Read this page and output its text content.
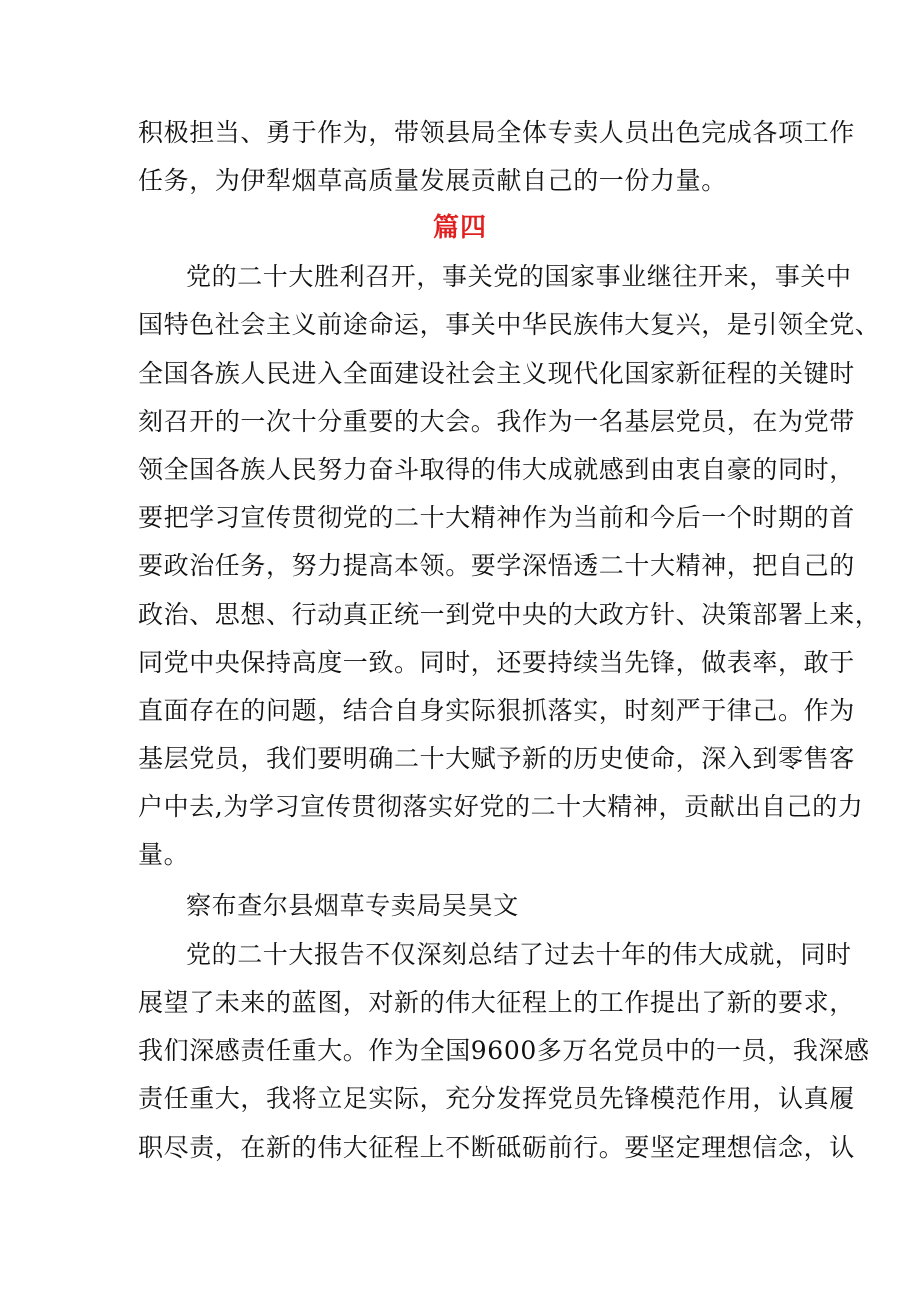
积极担当、勇于作为，带领县局全体专卖人员出色完成各项工作
任务，为伊犁烟草高质量发展贡献自己的一份力量。
篇四
党的二十大胜利召开，事关党的国家事业继往开来，事关中
国特色社会主义前途命运，事关中华民族伟大复兴，是引领全党、
全国各族人民进入全面建设社会主义现代化国家新征程的关键时
刻召开的一次十分重要的大会。我作为一名基层党员，在为党带
领全国各族人民努力奋斗取得的伟大成就感到由衷自豪的同时，
要把学习宣传贯彻党的二十大精神作为当前和今后一个时期的首
要政治任务，努力提高本领。要学深悟透二十大精神，把自己的
政治、思想、行动真正统一到党中央的大政方针、决策部署上来，
同党中央保持高度一致。同时，还要持续当先锋，做表率，敢于
直面存在的问题，结合自身实际狠抓落实，时刻严于律己。作为
基层党员，我们要明确二十大赋予新的历史使命，深入到零售客
户中去,为学习宣传贯彻落实好党的二十大精神，贡献出自己的力
量。
察布查尔县烟草专卖局吴昊文
党的二十大报告不仅深刻总结了过去十年的伟大成就，同时
展望了未来的蓝图，对新的伟大征程上的工作提出了新的要求，
我们深感责任重大。作为全国9600多万名党员中的一员，我深感
责任重大，我将立足实际，充分发挥党员先锋模范作用，认真履
职尽责，在新的伟大征程上不断砥砺前行。要坚定理想信念，认
